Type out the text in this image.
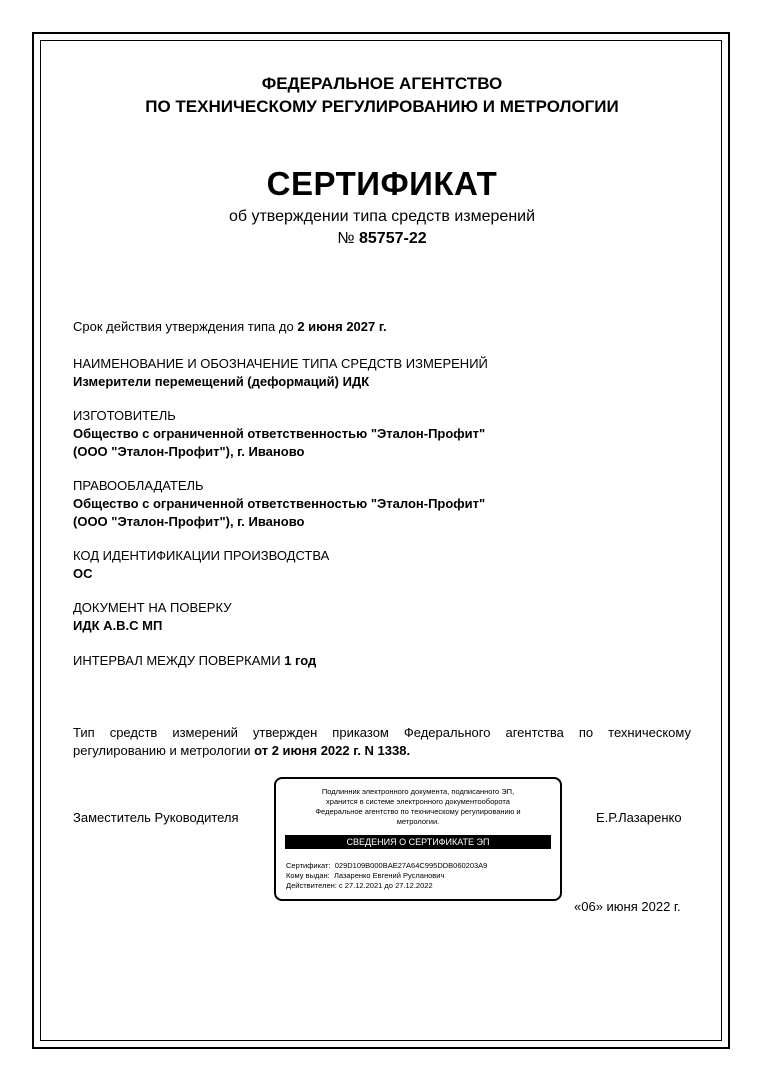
ФЕДЕРАЛЬНОЕ АГЕНТСТВО
ПО ТЕХНИЧЕСКОМУ РЕГУЛИРОВАНИЮ И МЕТРОЛОГИИ
СЕРТИФИКАТ
об утверждении типа средств измерений
№ 85757-22
Срок действия утверждения типа до 2 июня 2027 г.
НАИМЕНОВАНИЕ И ОБОЗНАЧЕНИЕ ТИПА СРЕДСТВ ИЗМЕРЕНИЙ
Измерители перемещений (деформаций) ИДК
ИЗГОТОВИТЕЛЬ
Общество с ограниченной ответственностью "Эталон-Профит"
(ООО "Эталон-Профит"), г. Иваново
ПРАВООБЛАДАТЕЛЬ
Общество с ограниченной ответственностью "Эталон-Профит"
(ООО "Эталон-Профит"), г. Иваново
КОД ИДЕНТИФИКАЦИИ ПРОИЗВОДСТВА
ОС
ДОКУМЕНТ НА ПОВЕРКУ
ИДК А.В.С МП
ИНТЕРВАЛ МЕЖДУ ПОВЕРКАМИ 1 год
Тип средств измерений утвержден приказом Федерального агентства по техническому
регулированию и метрологии от 2 июня 2022 г. N 1338.
Заместитель Руководителя
Подлинник электронного документа, подписанного ЭП,
хранится в системе электронного документооборота
Федеральное агентство по техническому регулированию и
метрологии.
СВЕДЕНИЯ О СЕРТИФИКАТЕ ЭП
Сертификат: 029D109B000BAE27A64C995DDB060203A9
Кому выдан: Лазаренко Евгений Русланович
Действителен: с 27.12.2021 до 27.12.2022
Е.Р.Лазаренко
«06» июня 2022 г.
